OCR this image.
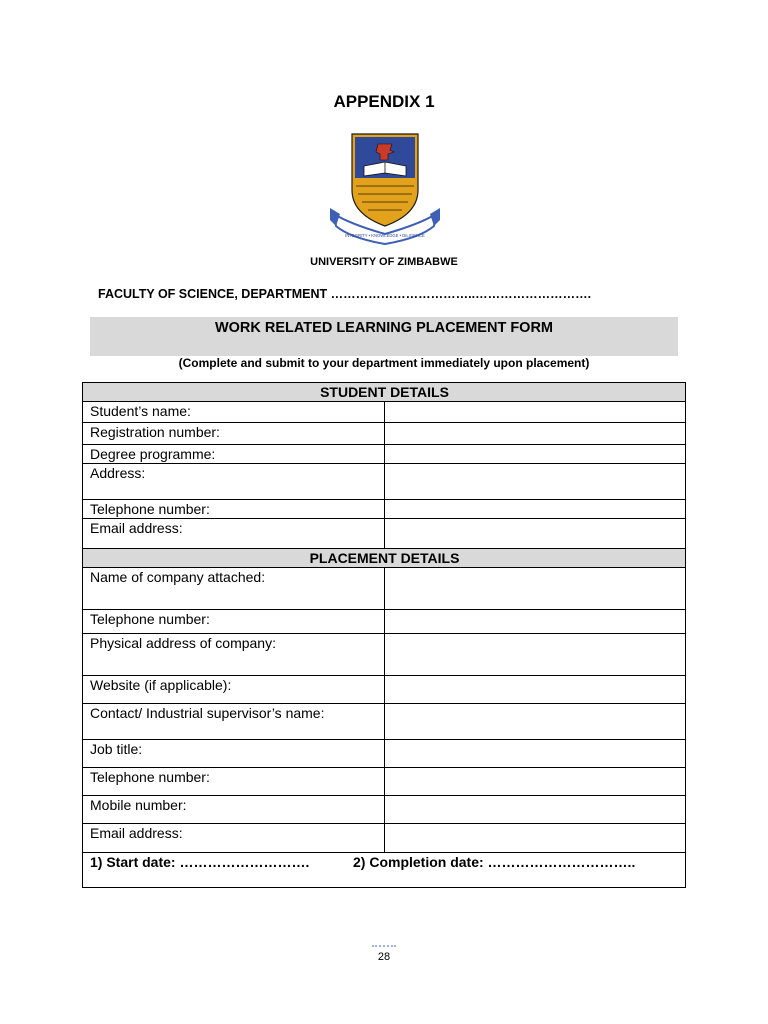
APPENDIX 1
INTEGRITY • KNOWLEDGE • DILIGENCE
UNIVERSITY OF ZIMBABWE
FACULTY OF SCIENCE, DEPARTMENT ……………………………..……………………….
WORK RELATED LEARNING PLACEMENT FORM
(Complete and submit to your department immediately upon placement)
STUDENT DETAILS	
Student’s name:	
Registration number:	
Degree programme:	
Address:	
Telephone number:	
Email address:	
PLACEMENT DETAILS	
Name of company attached:	
Telephone number:	
Physical address of company:	
Website (if applicable):	
Contact/ Industrial supervisor’s name:	
Job title:	
Telephone number:	
Mobile number:	
Email address:	
1) Start date: ………………………. 2) Completion date: …………………………..	
28
